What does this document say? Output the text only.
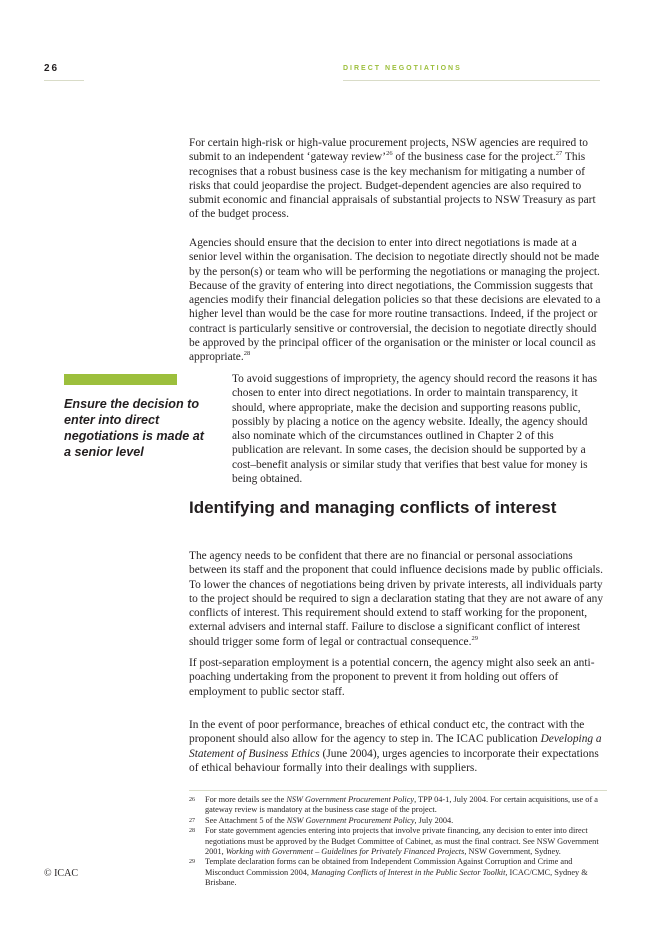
26	DIRECT NEGOTIATIONS

For certain high-risk or high-value procurement projects, NSW agencies are required to submit to an independent ‘gateway review’$^{26}$ of the business case for the project.$^{27}$ This recognises that a robust business case is the key mechanism for mitigating a number of risks that could jeopardise the project. Budget-dependent agencies are also required to submit economic and financial appraisals of substantial projects to NSW Treasury as part of the budget process.

Agencies should ensure that the decision to enter into direct negotiations is made at a senior level within the organisation. The decision to negotiate directly should not be made by the person(s) or team who will be performing the negotiations or managing the project. Because of the gravity of entering into direct negotiations, the Commission suggests that agencies modify their financial delegation policies so that these decisions are elevated to a higher level than would be the case for more routine transactions. Indeed, if the project or contract is particularly sensitive or controversial, the decision to negotiate directly should be approved by the principal officer of the organisation or the minister or local council as appropriate.$^{28}$

Ensure the decision to enter into direct negotiations is made at a senior level

To avoid suggestions of impropriety, the agency should record the reasons it has chosen to enter into direct negotiations. In order to maintain transparency, it should, where appropriate, make the decision and supporting reasons public, possibly by placing a notice on the agency website. Ideally, the agency should also nominate which of the circumstances outlined in Chapter 2 of this publication are relevant. In some cases, the decision should be supported by a cost–benefit analysis or similar study that verifies that best value for money is being obtained.

Identifying and managing conflicts of interest

The agency needs to be confident that there are no financial or personal associations between its staff and the proponent that could influence decisions made by public officials. To lower the chances of negotiations being driven by private interests, all individuals party to the project should be required to sign a declaration stating that they are not aware of any conflicts of interest. This requirement should extend to staff working for the proponent, external advisers and internal staff. Failure to disclose a significant conflict of interest should trigger some form of legal or contractual consequence.$^{29}$

If post-separation employment is a potential concern, the agency might also seek an anti-poaching undertaking from the proponent to prevent it from holding out offers of employment to public sector staff.

In the event of poor performance, breaches of ethical conduct etc, the contract with the proponent should also allow for the agency to step in. The ICAC publication Developing a Statement of Business Ethics (June 2004), urges agencies to incorporate their expectations of ethical behaviour formally into their dealings with suppliers.

26	For more details see the NSW Government Procurement Policy, TPP 04-1, July 2004. For certain acquisitions, use of a gateway review is mandatory at the business case stage of the project.
27	See Attachment 5 of the NSW Government Procurement Policy, July 2004.
28	For state government agencies entering into projects that involve private financing, any decision to enter into direct negotiations must be approved by the Budget Committee of Cabinet, as must the final contract. See NSW Government 2001, Working with Government – Guidelines for Privately Financed Projects, NSW Government, Sydney.
29	Template declaration forms can be obtained from Independent Commission Against Corruption and Crime and Misconduct Commission 2004, Managing Conflicts of Interest in the Public Sector Toolkit, ICAC/CMC, Sydney & Brisbane.
© ICAC
